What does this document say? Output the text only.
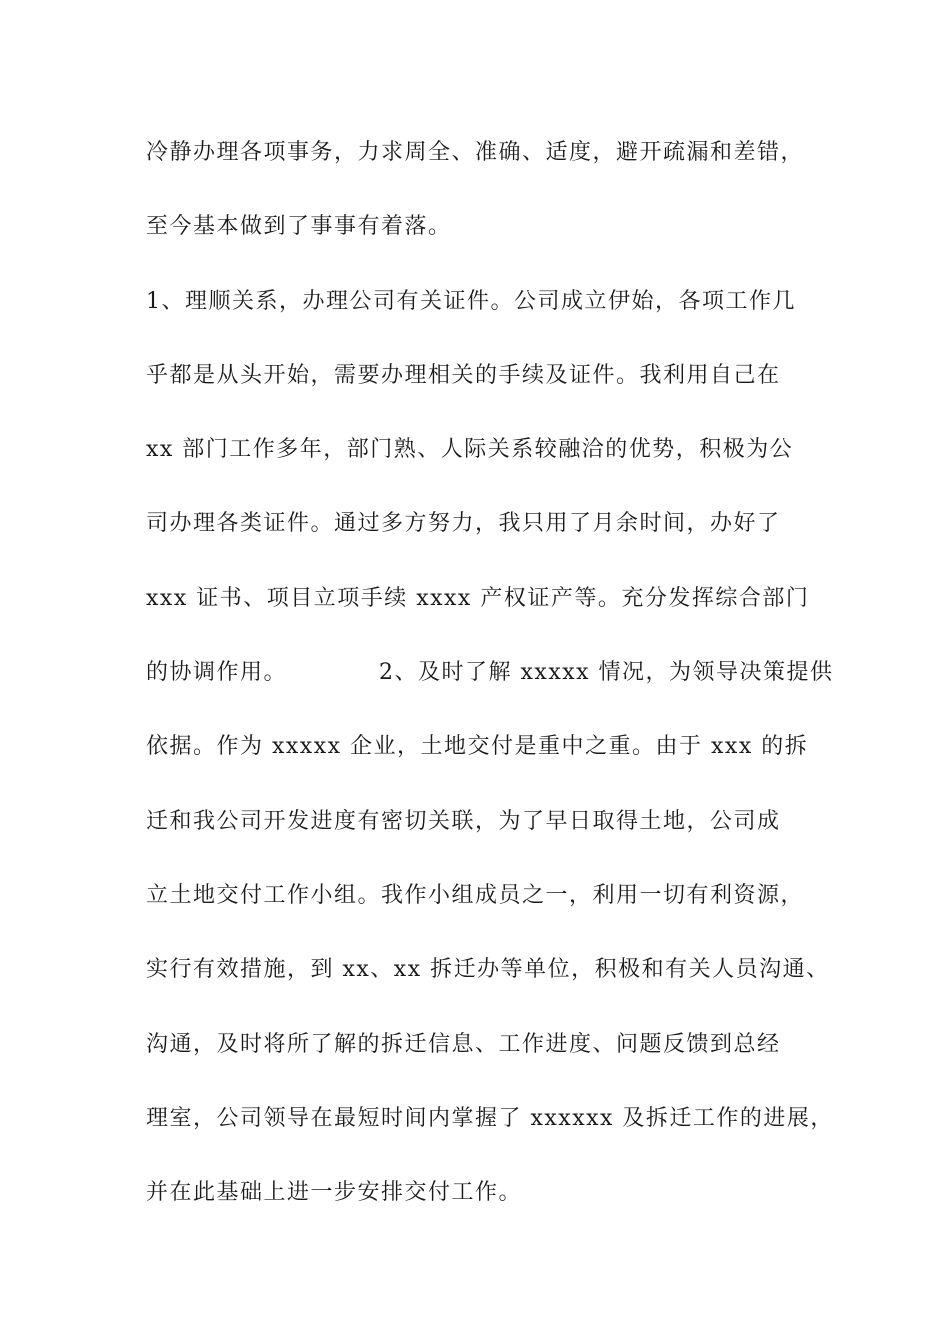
冷静办理各项事务，力求周全、准确、适度，避开疏漏和差错，
至今基本做到了事事有着落。
1、理顺关系，办理公司有关证件。公司成立伊始，各项工作几
乎都是从头开始，需要办理相关的手续及证件。我利用自己在
xx 部门工作多年，部门熟、人际关系较融洽的优势，积极为公
司办理各类证件。通过多方努力，我只用了月余时间，办好了
xxx 证书、项目立项手续 xxxx 产权证产等。充分发挥综合部门
的协调作用。	2、及时了解 xxxxx 情况，为领导决策提供
依据。作为 xxxxx 企业，土地交付是重中之重。由于 xxx 的拆
迁和我公司开发进度有密切关联，为了早日取得土地，公司成
立土地交付工作小组。我作小组成员之一，利用一切有利资源，
实行有效措施，到 xx、xx 拆迁办等单位，积极和有关人员沟通、
沟通，及时将所了解的拆迁信息、工作进度、问题反馈到总经
理室，公司领导在最短时间内掌握了 xxxxxx 及拆迁工作的进展，
并在此基础上进一步安排交付工作。
